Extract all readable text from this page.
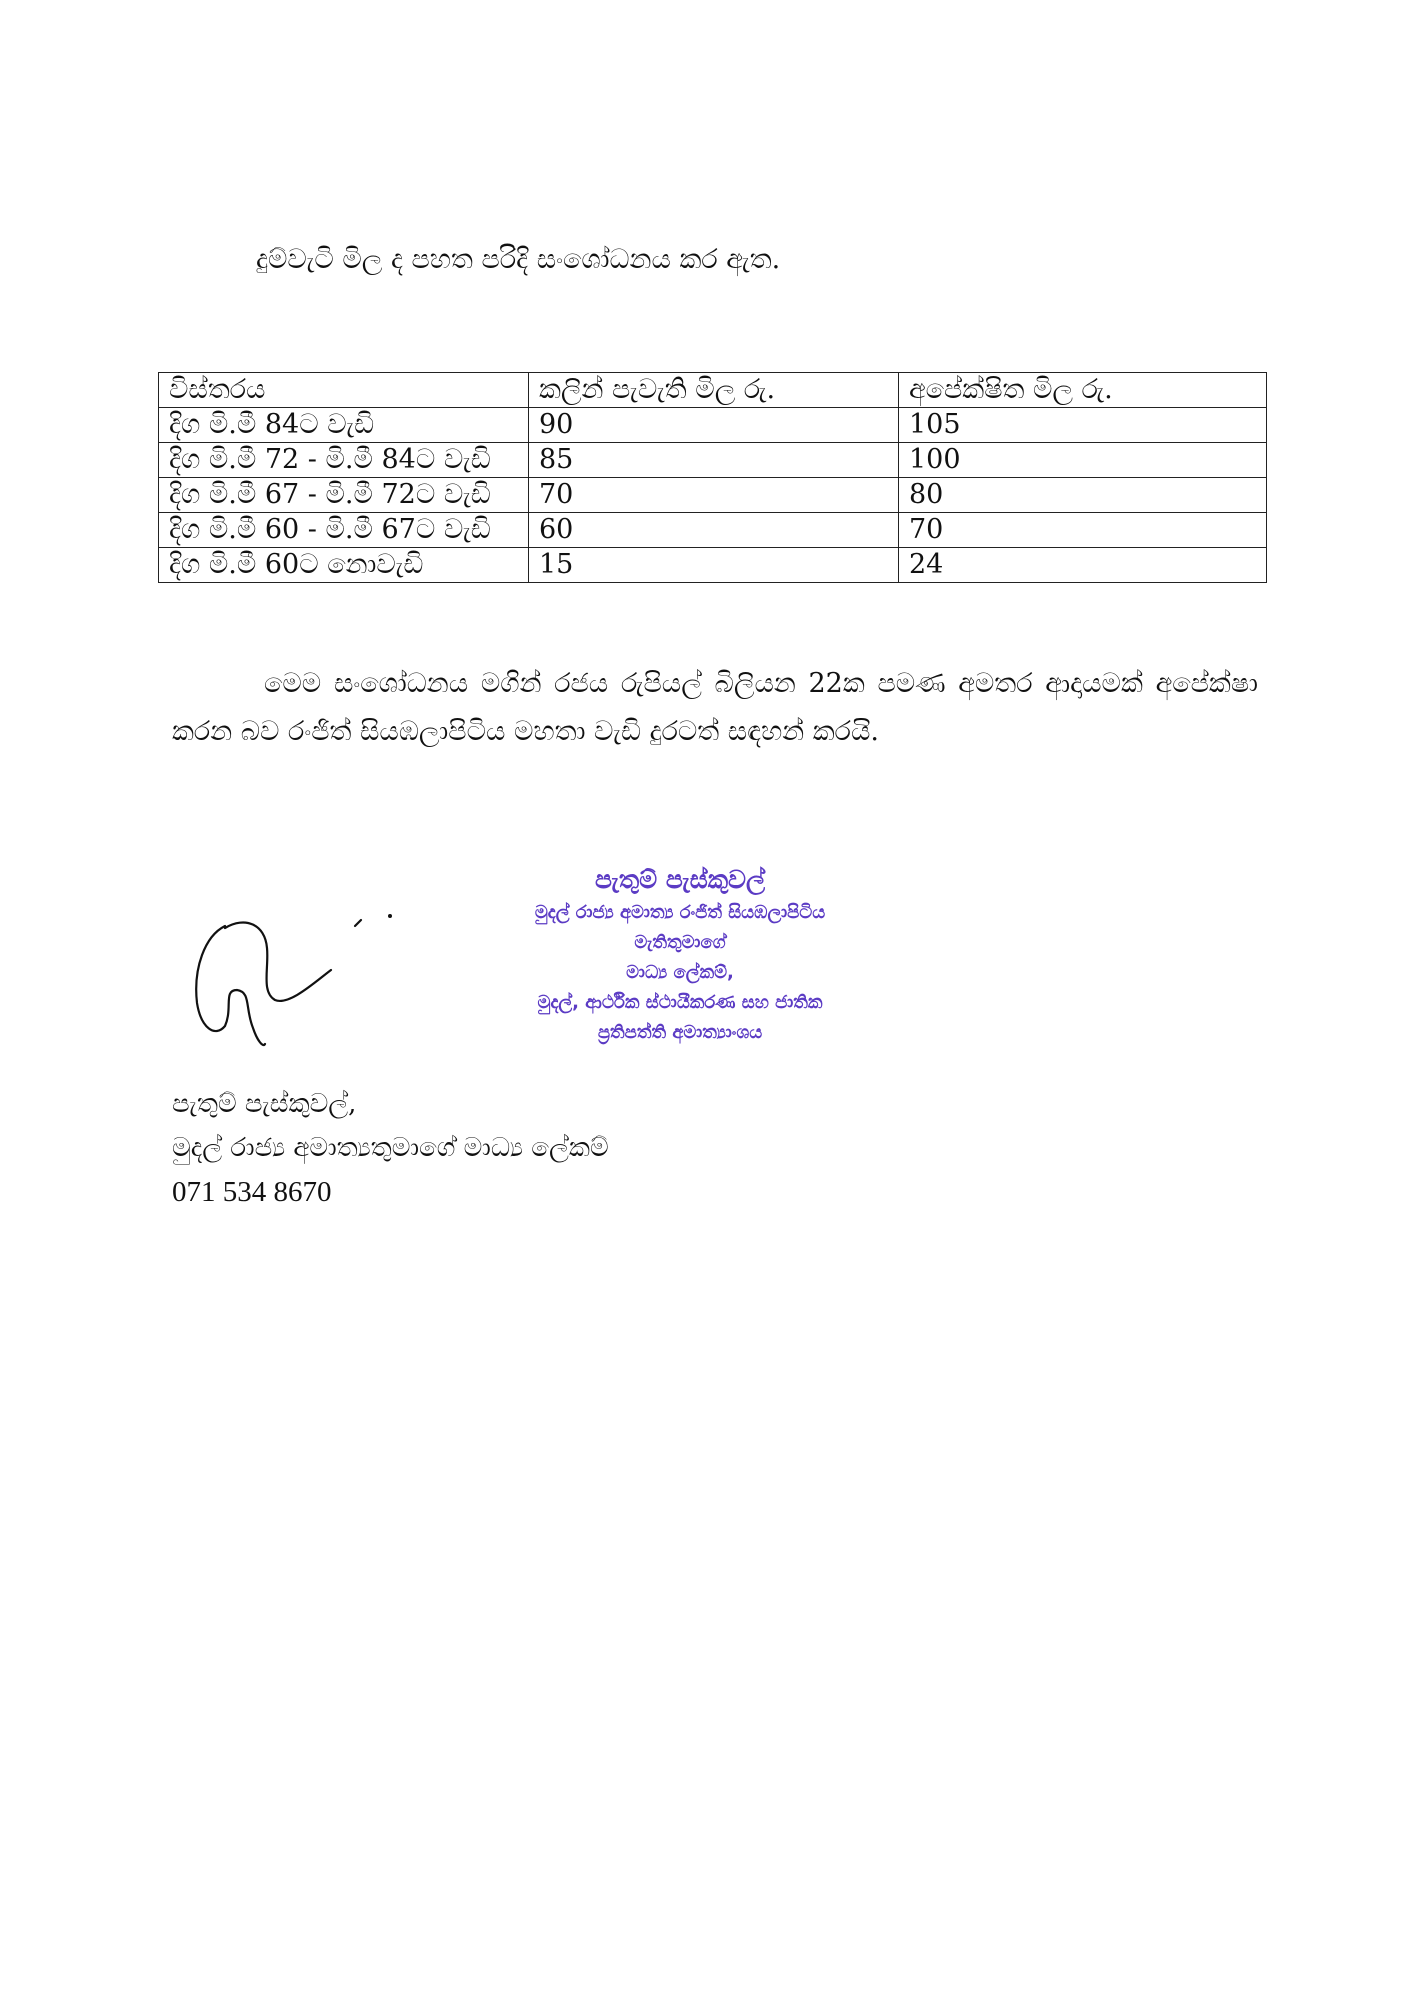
දුම්වැටි මිල ද පහත පරිදි සංශෝධනය කර ඇත.
විස්තරය	කලින් පැවැති මිල රු.	අපේක්ෂිත මිල රු.
දිග මි.මී 84ට වැඩි	90	105
දිග මි.මී 72 - මි.මී 84ට වැඩි	85	100
දිග මි.මී 67 - මි.මී 72ට වැඩි	70	80
දිග මි.මී 60 - මි.මී 67ට වැඩි	60	70
දිග මි.මී 60ට නොවැඩි	15	24
මෙම සංශෝධනය මගින් රජය රුපියල් බිලියන 22ක පමණ අමතර ආදායමක් අපේක්ෂා කරන බව රංජිත් සියඹලාපිටිය මහතා වැඩි දුරටත් සඳහන් කරයි.
පැතුම් පැස්කුවල්
මුදල් රාජ්‍ය අමාත්‍ය රංජිත් සියඹලාපිටිය
මැතිතුමාගේ
මාධ්‍ය ලේකම්,
මුදල්, ආර්ථික ස්ථායීකරණ සහ ජාතික
ප්‍රතිපත්ති අමාත්‍යාංශය
පැතුම් පැස්කුවල්,
මුදල් රාජ්‍ය අමාත්‍යතුමාගේ මාධ්‍ය ලේකම්
071 534 8670
